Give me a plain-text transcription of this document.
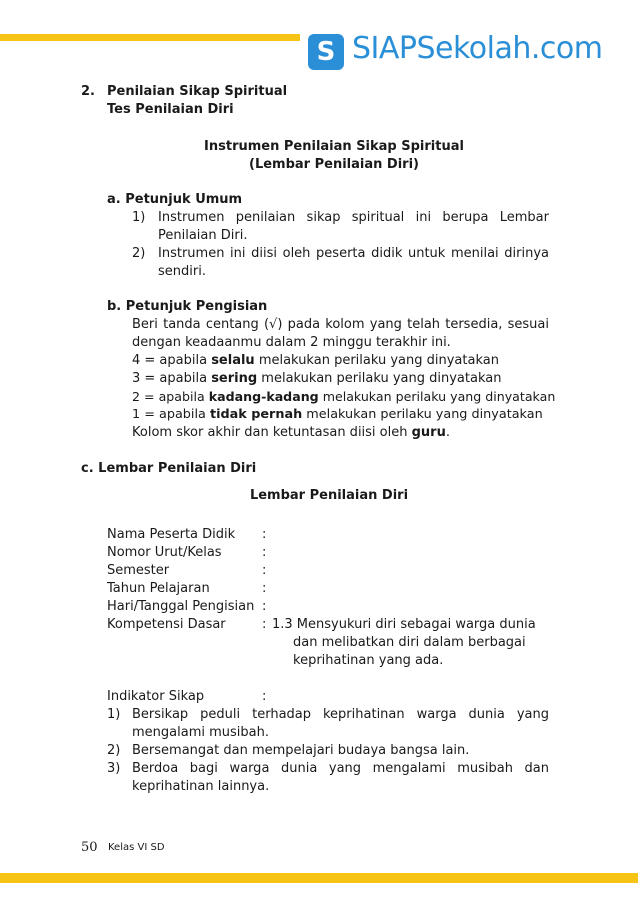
S SIAPSekolah.com
2. Penilaian Sikap Spiritual
Tes Penilaian Diri
Instrumen Penilaian Sikap Spiritual
(Lembar Penilaian Diri)
a. Petunjuk Umum
1) Instrumen penilaian sikap spiritual ini berupa Lembar
Penilaian Diri.
2) Instrumen ini diisi oleh peserta didik untuk menilai dirinya
sendiri.
b. Petunjuk Pengisian
Beri tanda centang (√) pada kolom yang telah tersedia, sesuai
dengan keadaanmu dalam 2 minggu terakhir ini.
4 = apabila selalu melakukan perilaku yang dinyatakan
3 = apabila sering melakukan perilaku yang dinyatakan
2 = apabila kadang-kadang melakukan perilaku yang dinyatakan
1 = apabila tidak pernah melakukan perilaku yang dinyatakan
Kolom skor akhir dan ketuntasan diisi oleh guru.
c. Lembar Penilaian Diri
Lembar Penilaian Diri
Nama Peserta Didik :
Nomor Urut/Kelas	:
Semester	:
Tahun Pelajaran	:
Hari/Tanggal Pengisian :
Kompetensi Dasar	: 1.3 Mensyukuri diri sebagai warga dunia
dan melibatkan diri dalam berbagai
keprihatinan yang ada.
Indikator Sikap	:
1) Bersikap peduli terhadap keprihatinan warga dunia yang
mengalami musibah.
2) Bersemangat dan mempelajari budaya bangsa lain.
3) Berdoa bagi warga dunia yang mengalami musibah dan
keprihatinan lainnya.
50 Kelas VI SD
